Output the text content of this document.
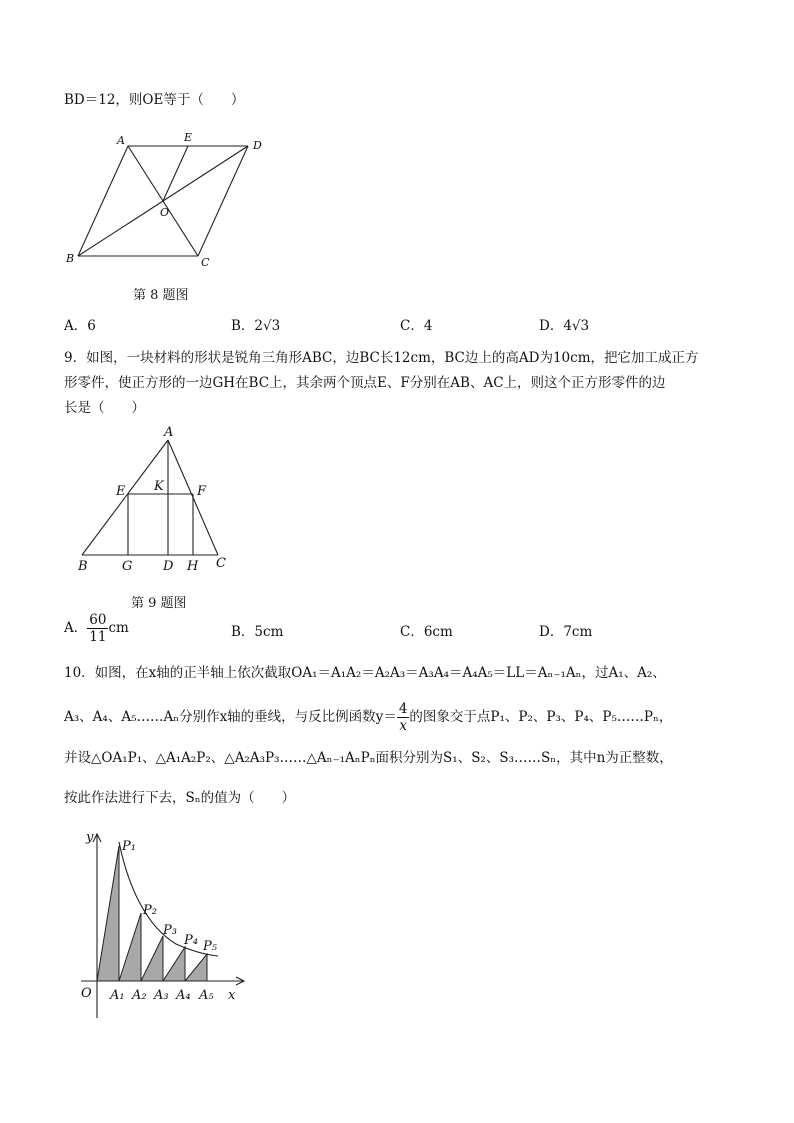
BD＝12，则OE等于（　　）
A	E
D
O
B	C
第 8 题图
A．6	B．2√3	C．4	D．4√3
9．如图，一块材料的形状是锐角三角形ABC，边BC长12cm，BC边上的高AD为10cm，把它加工成正方
形零件，使正方形的一边GH在BC上，其余两个顶点E、F分别在AB、AC上，则这个正方形零件的边
长是（　　）
A
E K	F
B	G D H C
第 9 题图
A． $\frac{60}{11}$ cm	B．5cm	C．6cm	D．7cm
10．如图，在x轴的正半轴上依次截取OA₁＝A₁A₂＝A₂A₃＝A₃A₄＝A₄A₅＝LL＝Aₙ₋₁Aₙ，过A₁、A₂、
A₃、A₄、A₅……Aₙ分别作x轴的垂线，与反比例函数$y= \frac{4}{x}$ 的图象交于点P₁、P₂、P₃、P₄、P₅……Pₙ，
并设△OA₁P₁、△A₁A₂P₂、△A₂A₃P₃……△Aₙ₋₁AₙPₙ面积分别为S₁、S₂、S₃……Sₙ，其中n为正整数，
按此作法进行下去，Sₙ的值为（　　）
y
x
O
P₁
P₂
P₃
P₄ P₅
A₁ A₂ A₃ A₄ A₅
